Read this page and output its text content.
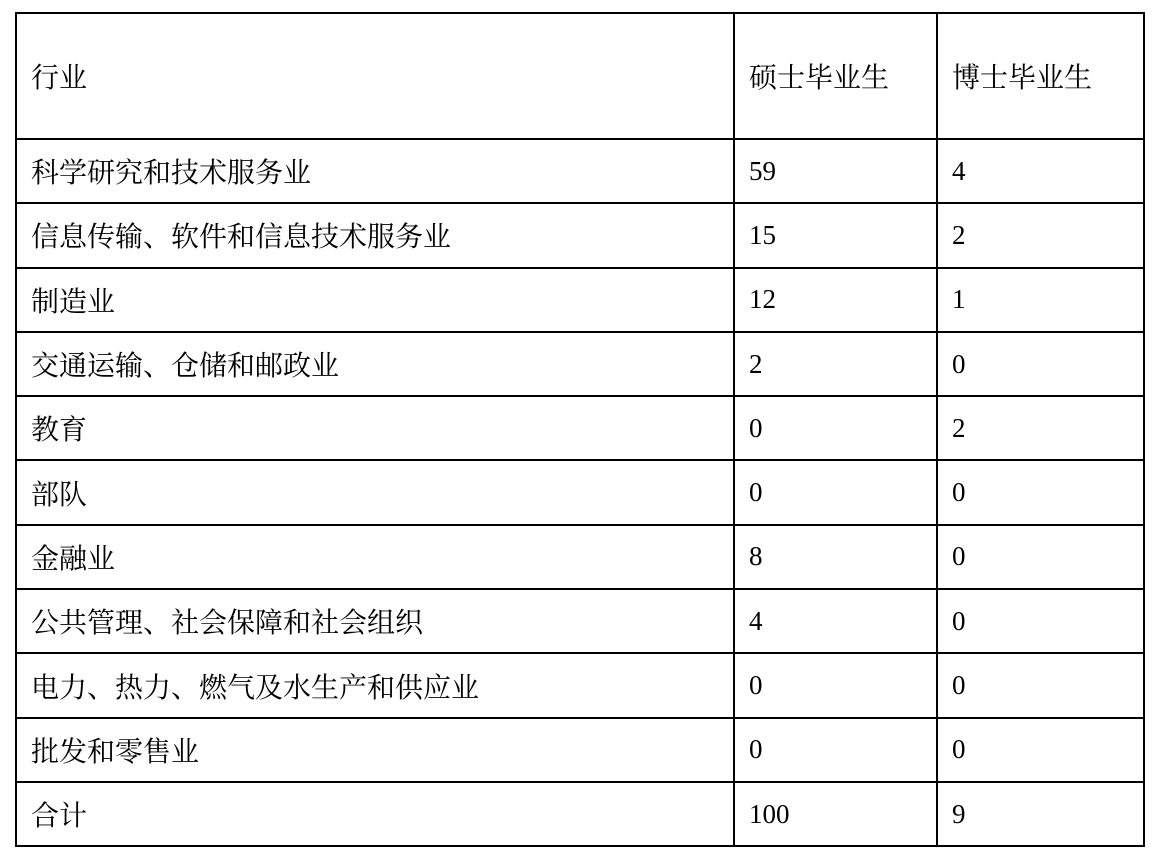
行业	硕士毕业生	博士毕业生
科学研究和技术服务业	59	4
信息传输、软件和信息技术服务业	15	2
制造业	12	1
交通运输、仓储和邮政业	2	0
教育	0	2
部队	0	0
金融业	8	0
公共管理、社会保障和社会组织	4	0
电力、热力、燃气及水生产和供应业	0	0
批发和零售业	0	0
合计	100	9
